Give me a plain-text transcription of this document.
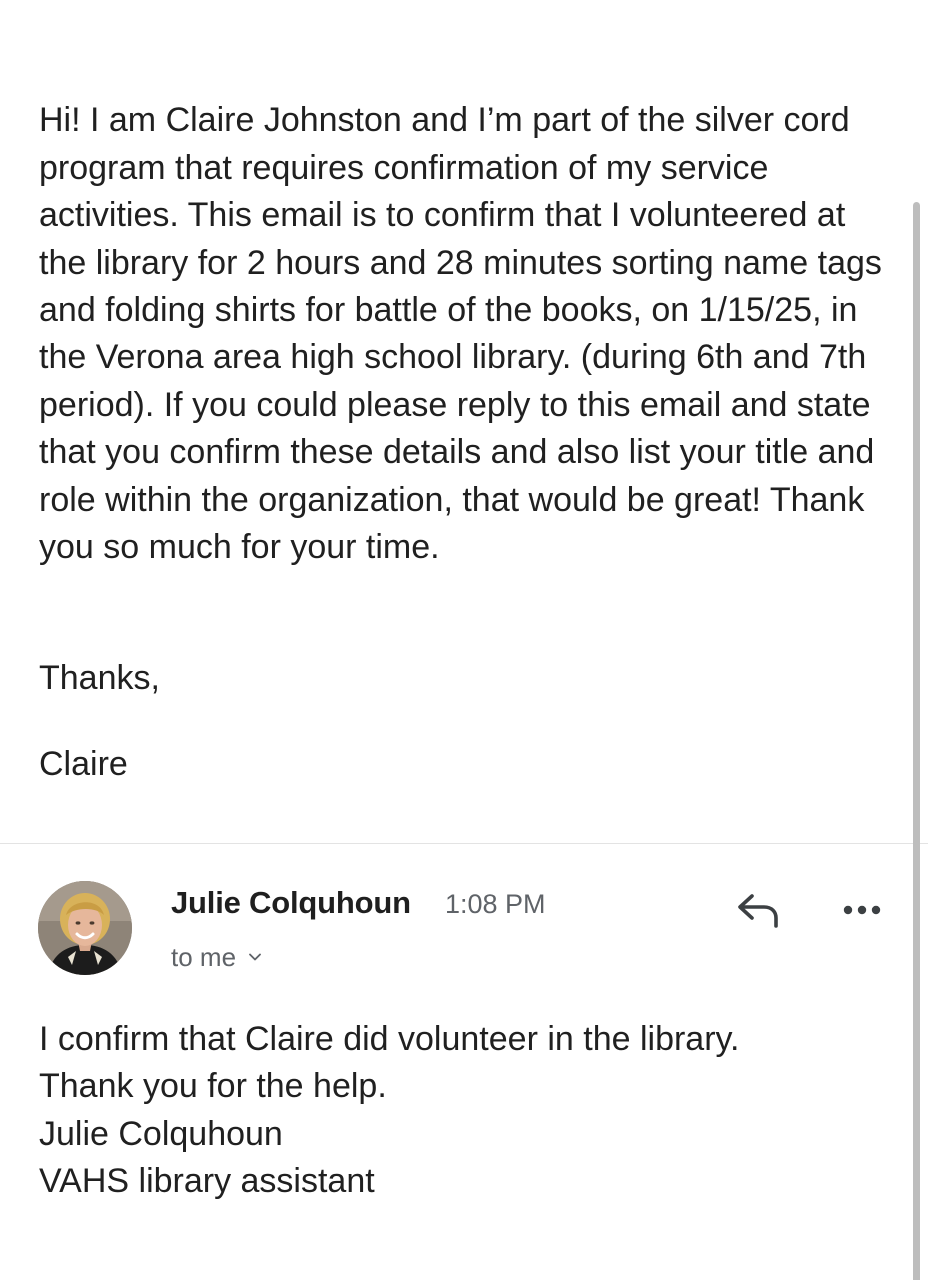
Hi! I am Claire Johnston and I’m part of the silver cord program that requires confirmation of my service activities. This email is to confirm that I volunteered at the library for 2 hours and 28 minutes sorting name tags and folding shirts for battle of the books, on 1/15/25, in the Verona area high school library. (during 6th and 7th period). If you could please reply to this email and state that you confirm these details and also list your title and role within the organization, that would be great! Thank you so much for your time.

Thanks,

Claire

Julie Colquhoun 1:08 PM
to me
I confirm that Claire did volunteer in the library.
Thank you for the help.
Julie Colquhoun
VAHS library assistant
